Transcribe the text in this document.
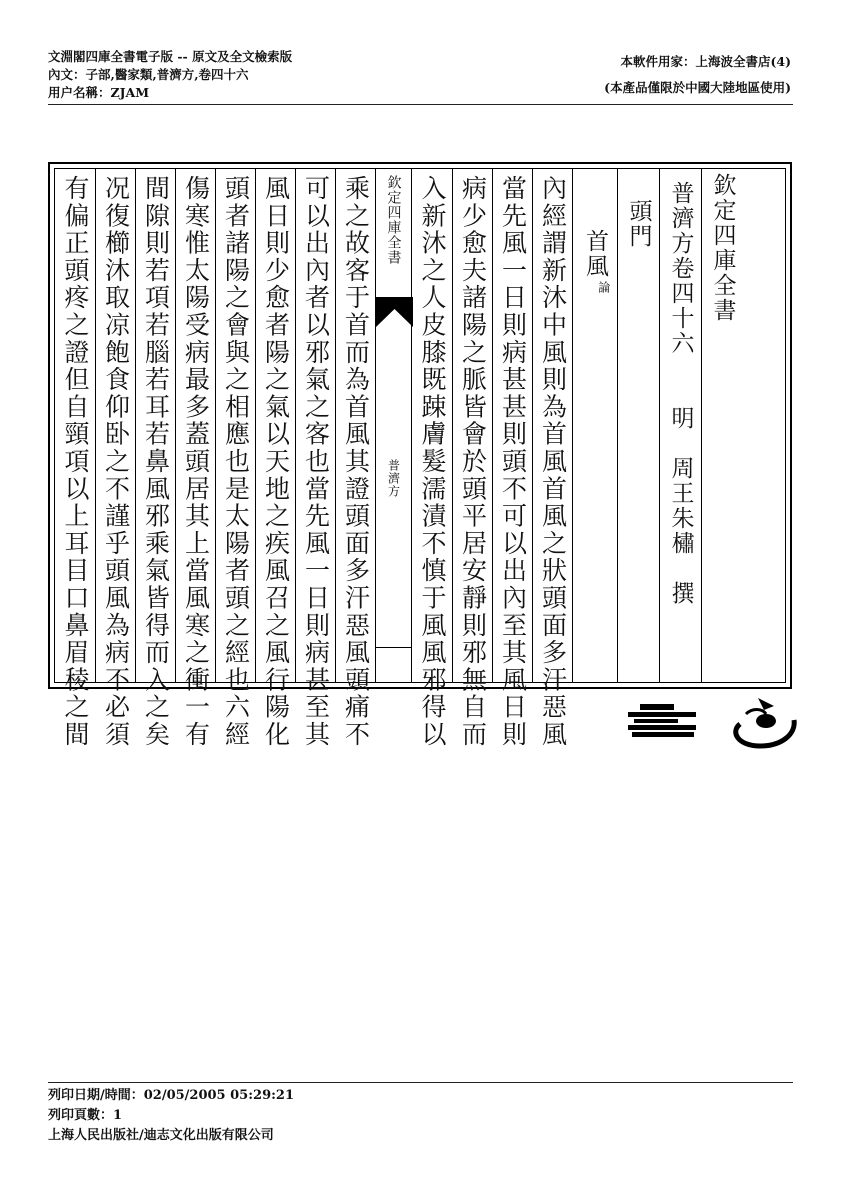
文淵閣四庫全書電子版 -- 原文及全文檢索版
內文：子部,醫家類,普濟方,卷四十六
用户名稱：ZJAM
本軟件用家：上海波全書店(4)
(本產品僅限於中國大陸地區使用)
有偏正頭疼之證但自頸項以上耳目口鼻眉稜之間 况復櫛沐取凉飽食仰卧之不謹乎頭風為病不必須 間隙則若項若腦若耳若鼻風邪乘氣皆得而入之矣 傷寒惟太陽受病最多蓋頭居其上當風寒之衝一有 頭者諸陽之會與之相應也是太陽者頭之經也六經 風日則少愈者陽之氣以天地之疾風召之風行陽化 可以出內者以邪氣之客也當先風一日則病甚至其 乘之故客于首而為首風其證頭面多汗惡風頭痛不	欽定四庫全書
普濟方 入新沐之人皮膝既踈膚髮濡漬不慎于風風邪得以 病少愈夫諸陽之脈皆會於頭平居安靜則邪無自而 當先風一日則病甚甚則頭不可以出內至其風日則 內經謂新沐中風則為首風首風之狀頭面多汗惡風 首風
論
頭門 普濟方卷四十六　　明　周王朱橚　撰 欽定四庫全書
列印日期/時間：02/05/2005 05:29:21
列印頁數：1
上海人民出版社/迪志文化出版有限公司
